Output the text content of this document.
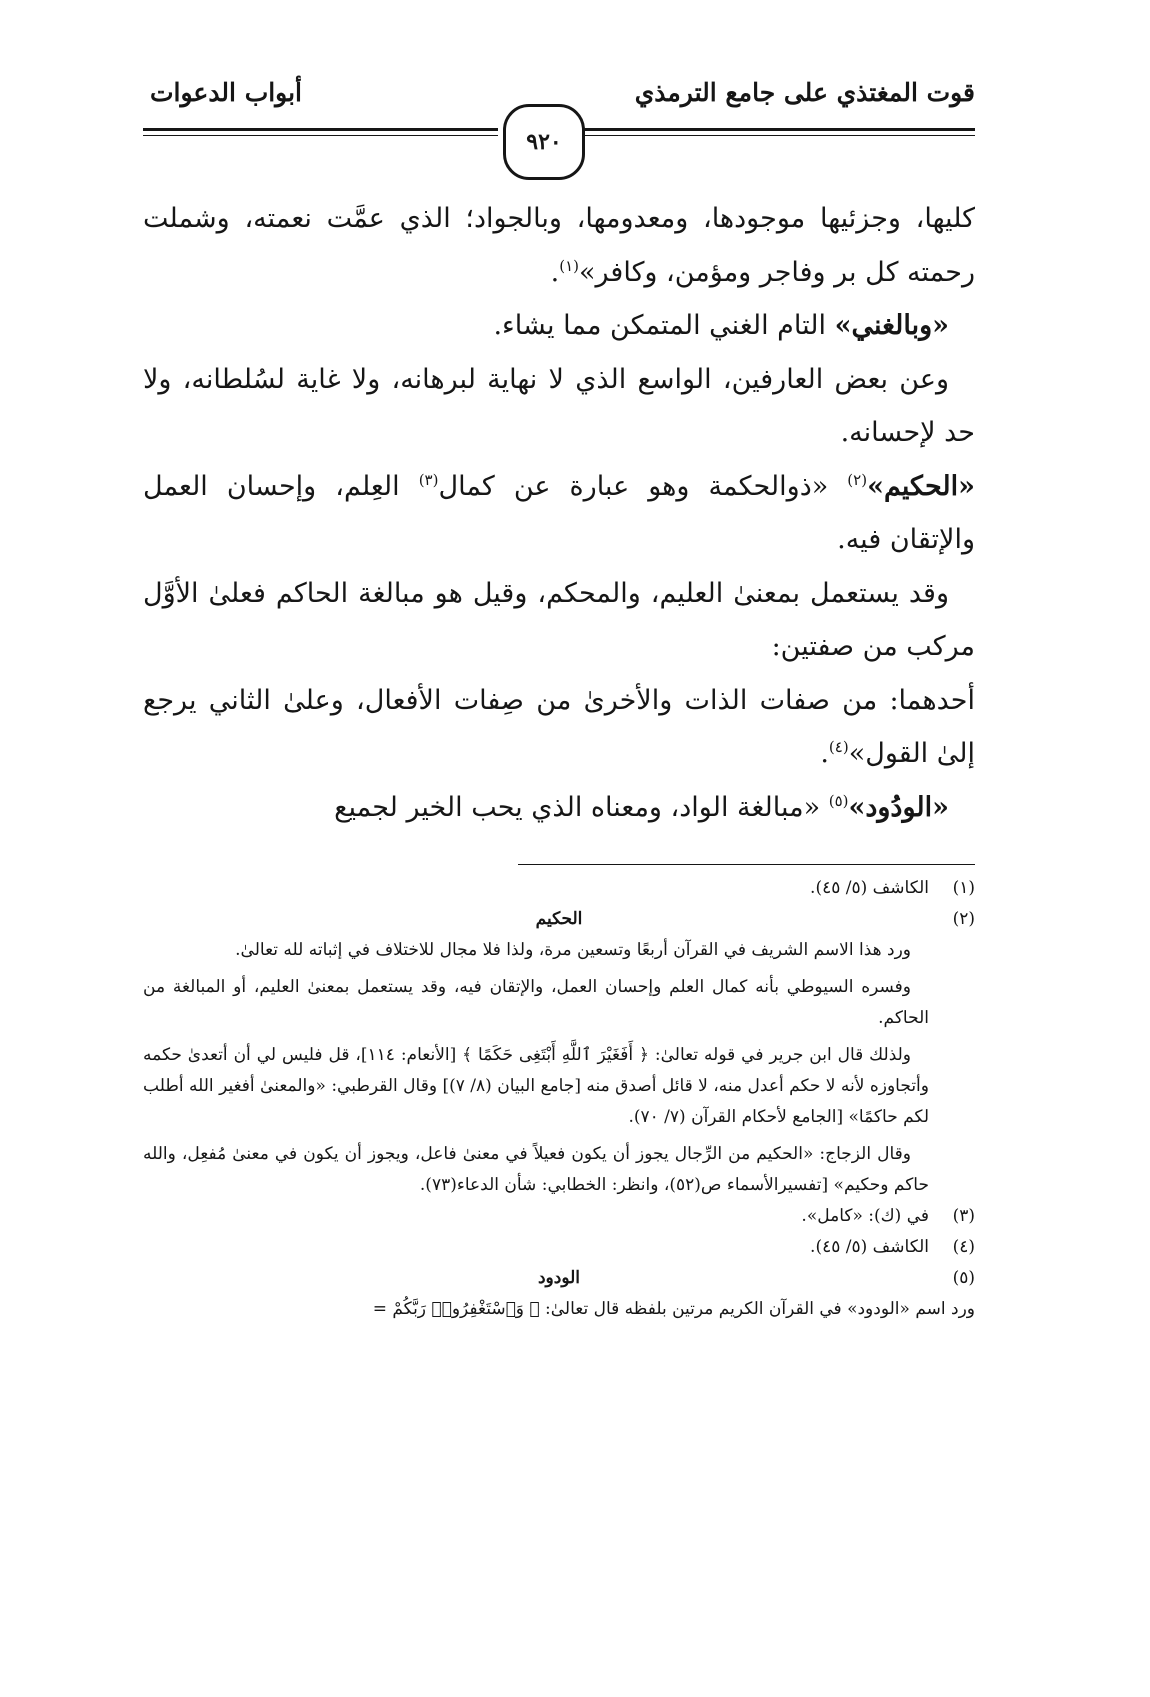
قوت المغتذي على جامع الترمذي
أبواب الدعوات
٩٢٠

كليها، وجزئيها موجودها، ومعدومها، وبالجواد؛ الذي عمَّت نعمته، وشملت رحمته كل بر وفاجر ومؤمن، وكافر»$^{(١)}$.

«وبالغني» التام الغني المتمكن مما يشاء.

وعن بعض العارفين، الواسع الذي لا نهاية لبرهانه، ولا غاية لسُلطانه، ولا حد لإحسانه.

«الحكيم»$^{(٢)}$ «ذوالحكمة وهو عبارة عن كمال$^{(٣)}$ العِلم، وإحسان العمل والإتقان فيه.

وقد يستعمل بمعنىٰ العليم، والمحكم، وقيل هو مبالغة الحاكم فعلىٰ الأوَّل مركب من صفتين:

أحدهما: من صفات الذات والأخرىٰ من صِفات الأفعال، وعلىٰ الثاني يرجع إلىٰ القول»$^{(٤)}$.

«الودُود»$^{(٥)}$ «مبالغة الواد، ومعناه الذي يحب الخير لجميع

(١)
الكاشف (٥/ ٤٥).
(٢)
الحكيم

ورد هذا الاسم الشريف في القرآن أربعًا وتسعين مرة، ولذا فلا مجال للاختلاف في إثباته لله تعالىٰ.

وفسره السيوطي بأنه كمال العلم وإحسان العمل، والإتقان فيه، وقد يستعمل بمعنىٰ العليم، أو المبالغة من الحاكم.

ولذلك قال ابن جرير في قوله تعالىٰ: ﴿ أَفَغَيْرَ ٱللَّهِ أَبْتَغِى حَكَمًا ﴾ [الأنعام: ١١٤]، قل فليس لي أن أتعدىٰ حكمه وأتجاوزه لأنه لا حكم أعدل منه، لا قائل أصدق منه [جامع البيان (٨/ ٧)] وقال القرطبي: «والمعنىٰ أفغير الله أطلب لكم حاكمًا» [الجامع لأحكام القرآن (٧/ ٧٠).

وقال الزجاج: «الحكيم من الرِّجال يجوز أن يكون فعيلاً في معنىٰ فاعل، ويجوز أن يكون في معنىٰ مُفعِل، والله حاكم وحكيم» [تفسيرالأسماء ص(٥٢)، وانظر: الخطابي: شأن الدعاء(٧٣).

(٣)
في (ك): «كامل».
(٤)
الكاشف (٥/ ٤٥).
(٥)
الودود

ورد اسم «الودود» في القرآن الكريم مرتين بلفظه قال تعالىٰ: ﴿ وَٱسْتَغْفِرُوا۟ رَبَّكُمْ =
